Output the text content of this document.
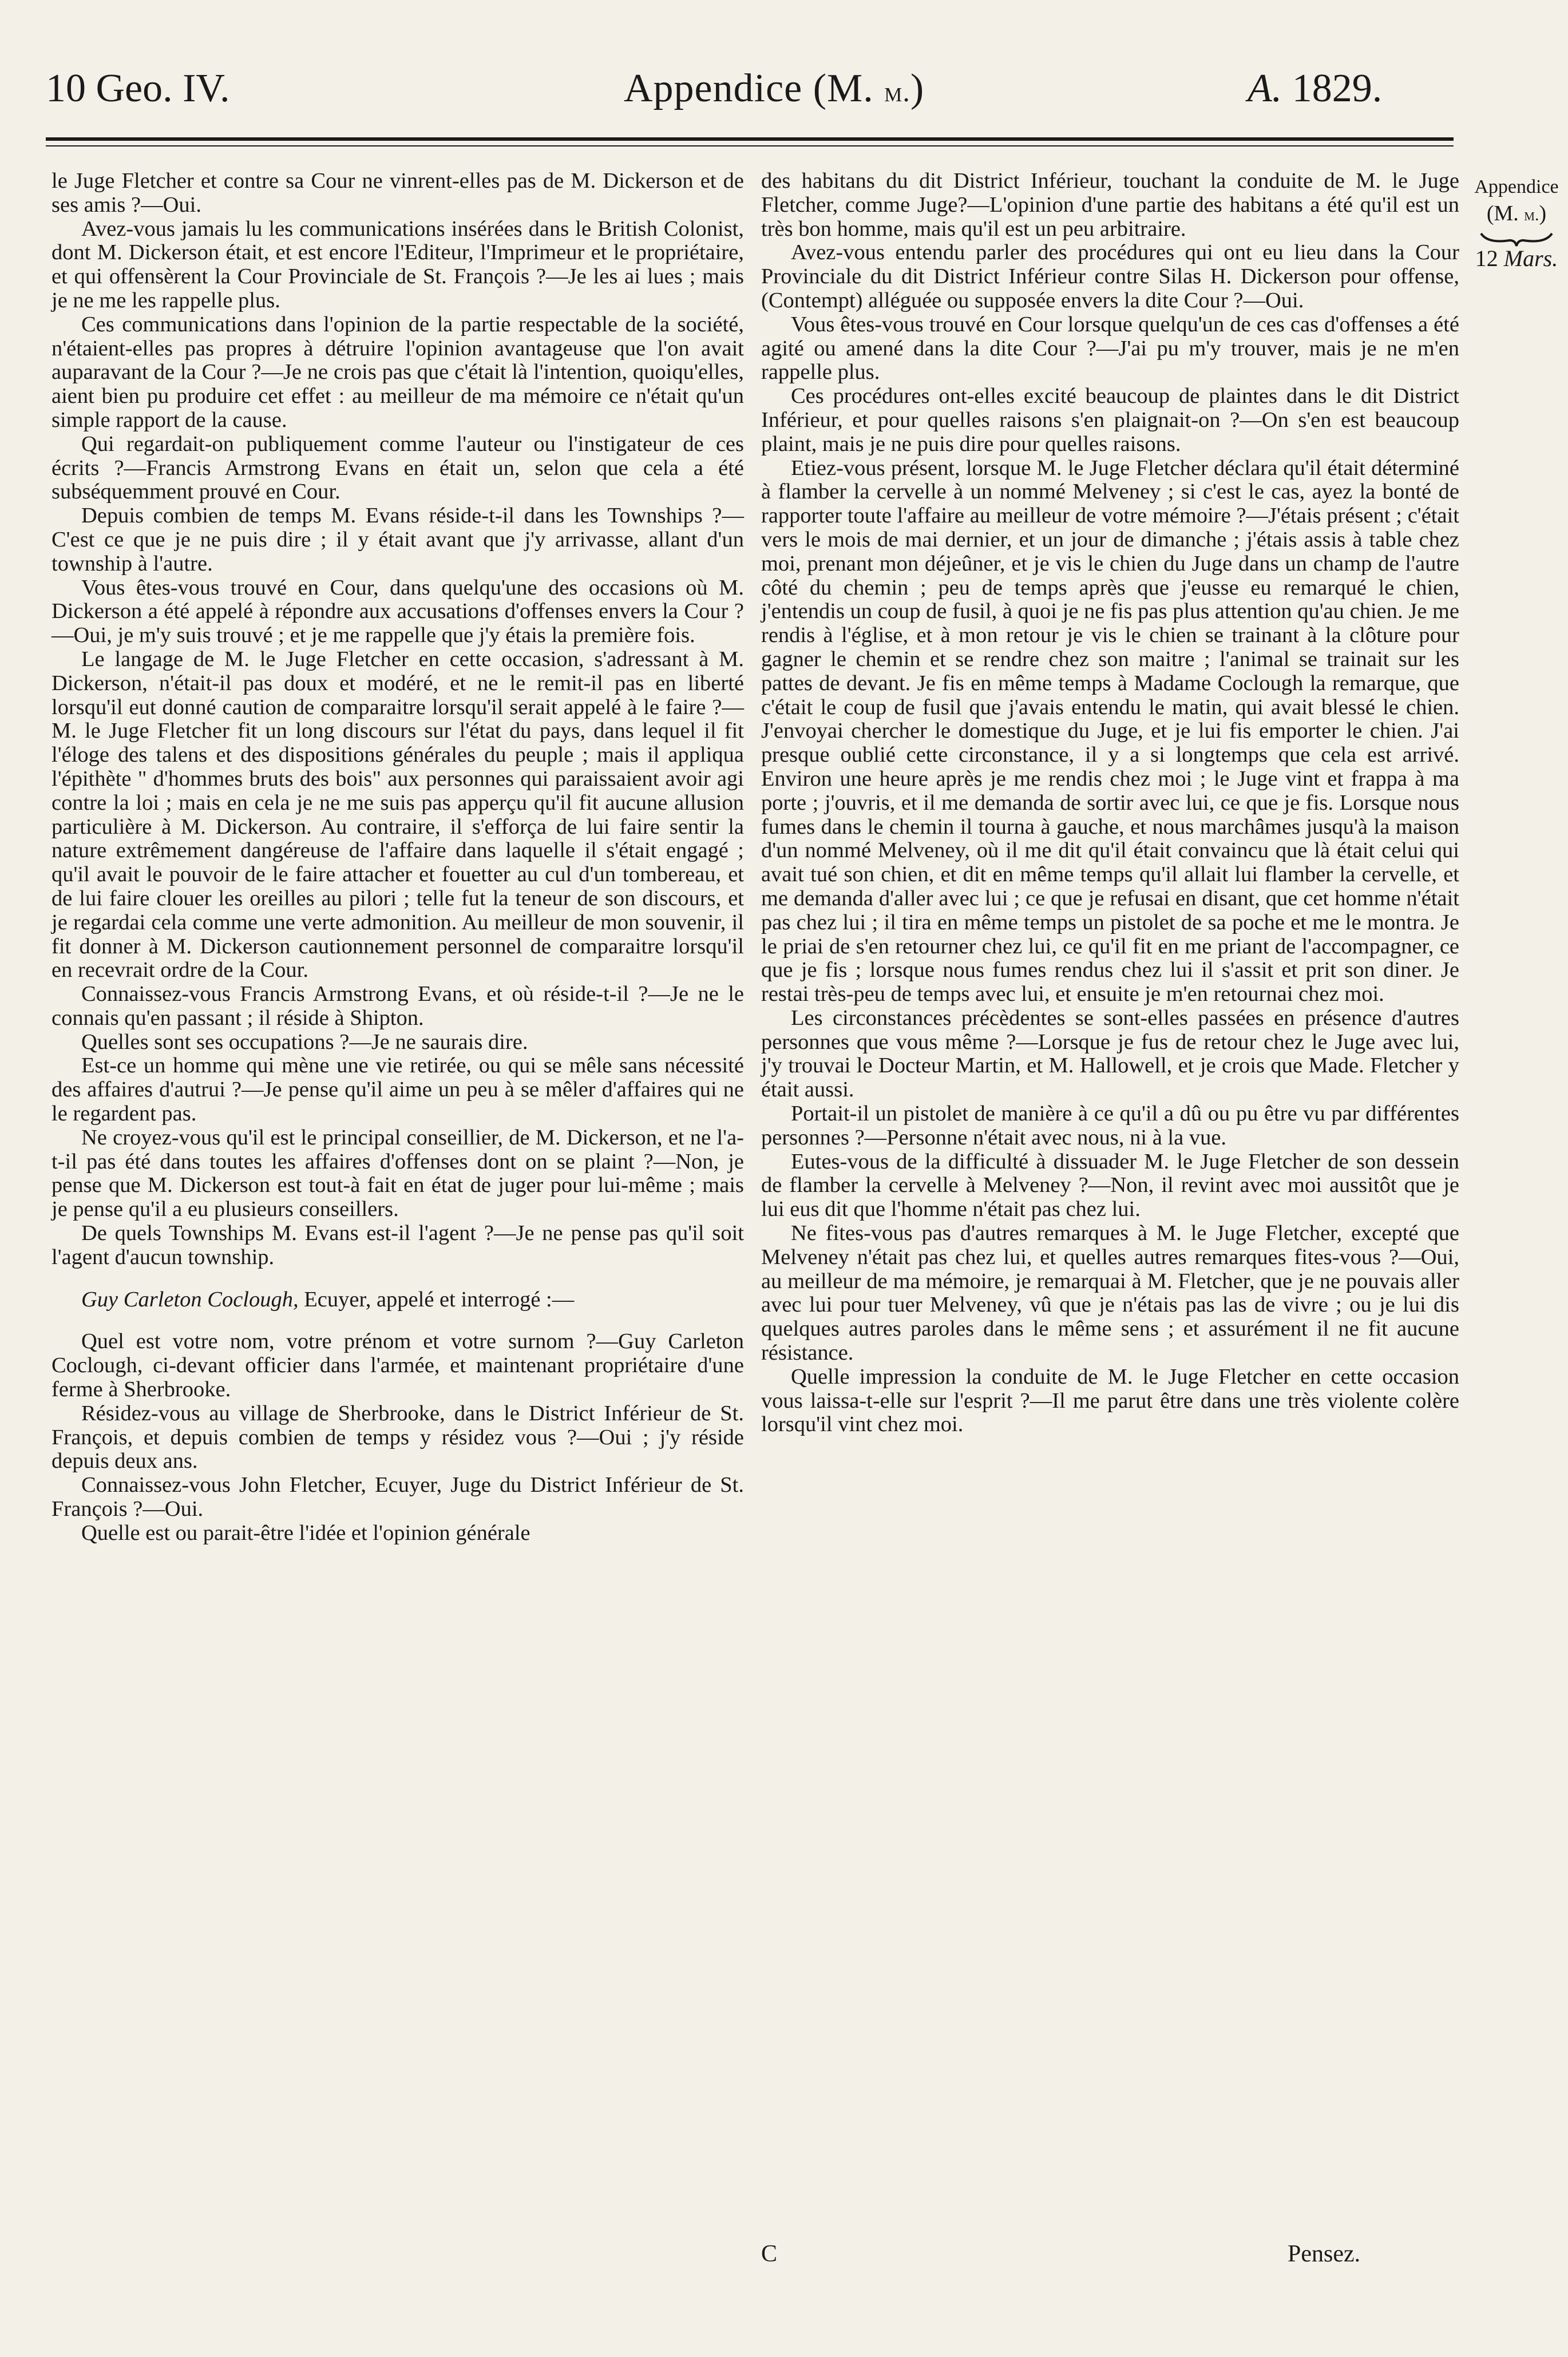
10 Geo. IV.	Appendice (M. m.)	A. 1829.

le Juge Fletcher et contre sa Cour ne vinrent-elles pas de M. Dickerson et de ses amis ?—Oui.

Avez-vous jamais lu les communications insérées dans le British Colonist, dont M. Dickerson était, et est encore l'Editeur, l'Imprimeur et le propriétaire, et qui offensèrent la Cour Provinciale de St. François ?—Je les ai lues ; mais je ne me les rappelle plus.

Ces communications dans l'opinion de la partie respectable de la société, n'étaient-elles pas propres à détruire l'opinion avantageuse que l'on avait auparavant de la Cour ?—Je ne crois pas que c'était là l'intention, quoiqu'elles, aient bien pu produire cet effet : au meilleur de ma mémoire ce n'était qu'un simple rapport de la cause.

Qui regardait-on publiquement comme l'auteur ou l'instigateur de ces écrits ?—Francis Armstrong Evans en était un, selon que cela a été subséquemment prouvé en Cour.

Depuis combien de temps M. Evans réside-t-il dans les Townships ?—C'est ce que je ne puis dire ; il y était avant que j'y arrivasse, allant d'un township à l'autre.

Vous êtes-vous trouvé en Cour, dans quelqu'une des occasions où M. Dickerson a été appelé à répondre aux accusations d'offenses envers la Cour ?—Oui, je m'y suis trouvé ; et je me rappelle que j'y étais la première fois.

Le langage de M. le Juge Fletcher en cette occasion, s'adressant à M. Dickerson, n'était-il pas doux et modéré, et ne le remit-il pas en liberté lorsqu'il eut donné caution de comparaitre lorsqu'il serait appelé à le faire ?—M. le Juge Fletcher fit un long discours sur l'état du pays, dans lequel il fit l'éloge des talens et des dispositions générales du peuple ; mais il appliqua l'épithète " d'hommes bruts des bois" aux personnes qui paraissaient avoir agi contre la loi ; mais en cela je ne me suis pas apperçu qu'il fit aucune allusion particulière à M. Dickerson. Au contraire, il s'efforça de lui faire sentir la nature extrêmement dangéreuse de l'affaire dans laquelle il s'était engagé ; qu'il avait le pouvoir de le faire attacher et fouetter au cul d'un tombereau, et de lui faire clouer les oreilles au pilori ; telle fut la teneur de son discours, et je regardai cela comme une verte admonition. Au meilleur de mon souvenir, il fit donner à M. Dickerson cautionnement personnel de comparaitre lorsqu'il en recevrait ordre de la Cour.

Connaissez-vous Francis Armstrong Evans, et où réside-t-il ?—Je ne le connais qu'en passant ; il réside à Shipton.

Quelles sont ses occupations ?—Je ne saurais dire.

Est-ce un homme qui mène une vie retirée, ou qui se mêle sans nécessité des affaires d'autrui ?—Je pense qu'il aime un peu à se mêler d'affaires qui ne le regardent pas.

Ne croyez-vous qu'il est le principal conseillier, de M. Dickerson, et ne l'a-t-il pas été dans toutes les affaires d'offenses dont on se plaint ?—Non, je pense que M. Dickerson est tout-à fait en état de juger pour lui-même ; mais je pense qu'il a eu plusieurs conseillers.

De quels Townships M. Evans est-il l'agent ?—Je ne pense pas qu'il soit l'agent d'aucun township.

Guy Carleton Coclough, Ecuyer, appelé et interrogé :—

Quel est votre nom, votre prénom et votre surnom ?—Guy Carleton Coclough, ci-devant officier dans l'armée, et maintenant propriétaire d'une ferme à Sherbrooke.

Résidez-vous au village de Sherbrooke, dans le District Inférieur de St. François, et depuis combien de temps y résidez vous ?—Oui ; j'y réside depuis deux ans.

Connaissez-vous John Fletcher, Ecuyer, Juge du District Inférieur de St. François ?—Oui.

Quelle est ou parait-être l'idée et l'opinion générale

des habitans du dit District Inférieur, touchant la conduite de M. le Juge Fletcher, comme Juge?—L'opinion d'une partie des habitans a été qu'il est un très bon homme, mais qu'il est un peu arbitraire.

Avez-vous entendu parler des procédures qui ont eu lieu dans la Cour Provinciale du dit District Inférieur contre Silas H. Dickerson pour offense, (Contempt) alléguée ou supposée envers la dite Cour ?—Oui.

Vous êtes-vous trouvé en Cour lorsque quelqu'un de ces cas d'offenses a été agité ou amené dans la dite Cour ?—J'ai pu m'y trouver, mais je ne m'en rappelle plus.

Ces procédures ont-elles excité beaucoup de plaintes dans le dit District Inférieur, et pour quelles raisons s'en plaignait-on ?—On s'en est beaucoup plaint, mais je ne puis dire pour quelles raisons.

Etiez-vous présent, lorsque M. le Juge Fletcher déclara qu'il était déterminé à flamber la cervelle à un nommé Melveney ; si c'est le cas, ayez la bonté de rapporter toute l'affaire au meilleur de votre mémoire ?—J'étais présent ; c'était vers le mois de mai dernier, et un jour de dimanche ; j'étais assis à table chez moi, prenant mon déjeûner, et je vis le chien du Juge dans un champ de l'autre côté du chemin ; peu de temps après que j'eusse eu remarqué le chien, j'entendis un coup de fusil, à quoi je ne fis pas plus attention qu'au chien. Je me rendis à l'église, et à mon retour je vis le chien se trainant à la clôture pour gagner le chemin et se rendre chez son maitre ; l'animal se trainait sur les pattes de devant. Je fis en même temps à Madame Coclough la remarque, que c'était le coup de fusil que j'avais entendu le matin, qui avait blessé le chien. J'envoyai chercher le domestique du Juge, et je lui fis emporter le chien. J'ai presque oublié cette circonstance, il y a si longtemps que cela est arrivé. Environ une heure après je me rendis chez moi ; le Juge vint et frappa à ma porte ; j'ouvris, et il me demanda de sortir avec lui, ce que je fis. Lorsque nous fumes dans le chemin il tourna à gauche, et nous marchâmes jusqu'à la maison d'un nommé Melveney, où il me dit qu'il était convaincu que là était celui qui avait tué son chien, et dit en même temps qu'il allait lui flamber la cervelle, et me demanda d'aller avec lui ; ce que je refusai en disant, que cet homme n'était pas chez lui ; il tira en même temps un pistolet de sa poche et me le montra. Je le priai de s'en retourner chez lui, ce qu'il fit en me priant de l'accompagner, ce que je fis ; lorsque nous fumes rendus chez lui il s'assit et prit son diner. Je restai très-peu de temps avec lui, et ensuite je m'en retournai chez moi.

Les circonstances précèdentes se sont-elles passées en présence d'autres personnes que vous même ?—Lorsque je fus de retour chez le Juge avec lui, j'y trouvai le Docteur Martin, et M. Hallowell, et je crois que Made. Fletcher y était aussi.

Portait-il un pistolet de manière à ce qu'il a dû ou pu être vu par différentes personnes ?—Personne n'était avec nous, ni à la vue.

Eutes-vous de la difficulté à dissuader M. le Juge Fletcher de son dessein de flamber la cervelle à Melveney ?—Non, il revint avec moi aussitôt que je lui eus dit que l'homme n'était pas chez lui.

Ne fites-vous pas d'autres remarques à M. le Juge Fletcher, excepté que Melveney n'était pas chez lui, et quelles autres remarques fites-vous ?—Oui, au meilleur de ma mémoire, je remarquai à M. Fletcher, que je ne pouvais aller avec lui pour tuer Melveney, vû que je n'étais pas las de vivre ; ou je lui dis quelques autres paroles dans le même sens ; et assurément il ne fit aucune résistance.

Quelle impression la conduite de M. le Juge Fletcher en cette occasion vous laissa-t-elle sur l'esprit ?—Il me parut être dans une très violente colère lorsqu'il vint chez moi.

Appendice
(M. m.)
12 Mars.
C	Pensez.
